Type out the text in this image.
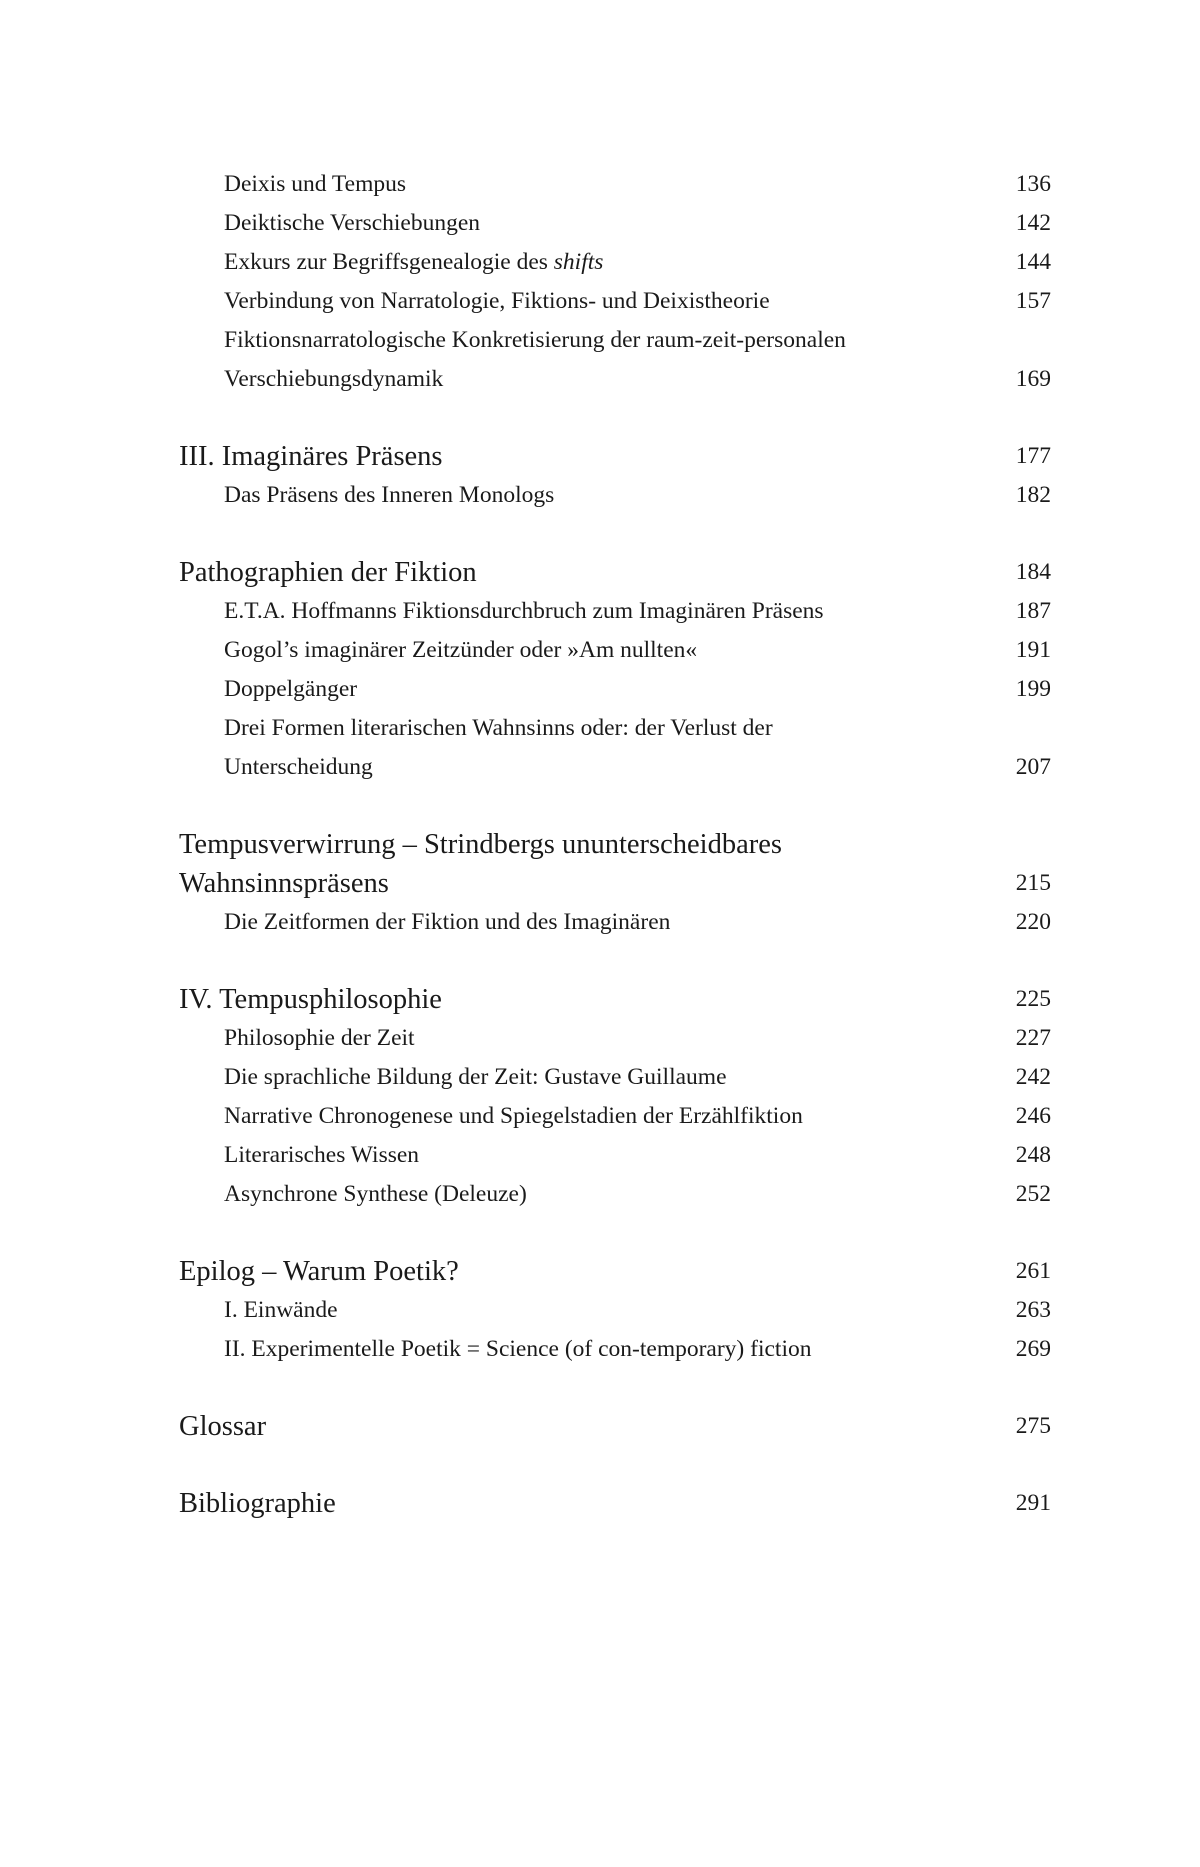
Deixis und Tempus	136
Deiktische Verschiebungen	142
Exkurs zur Begriffsgenealogie des shifts	144
Verbindung von Narratologie, Fiktions- und Deixistheorie	157
Fiktionsnarratologische Konkretisierung der raum-zeit-personalen
Verschiebungsdynamik	169
III. Imaginäres Präsens	177
Das Präsens des Inneren Monologs	182
Pathographien der Fiktion	184
E.T.A. Hoffmanns Fiktionsdurchbruch zum Imaginären Präsens	187
Gogol’s imaginärer Zeitzünder oder »Am nullten«	191
Doppelgänger	199
Drei Formen literarischen Wahnsinns oder: der Verlust der
Unterscheidung	207
Tempusverwirrung – Strindbergs ununterscheidbares
Wahnsinnspräsens	215
Die Zeitformen der Fiktion und des Imaginären	220
IV. Tempusphilosophie	225
Philosophie der Zeit	227
Die sprachliche Bildung der Zeit: Gustave Guillaume	242
Narrative Chronogenese und Spiegelstadien der Erzählfiktion	246
Literarisches Wissen	248
Asynchrone Synthese (Deleuze)	252
Epilog – Warum Poetik?	261
I. Einwände	263
II. Experimentelle Poetik = Science (of con-temporary) fiction	269
Glossar	275
Bibliographie	291
